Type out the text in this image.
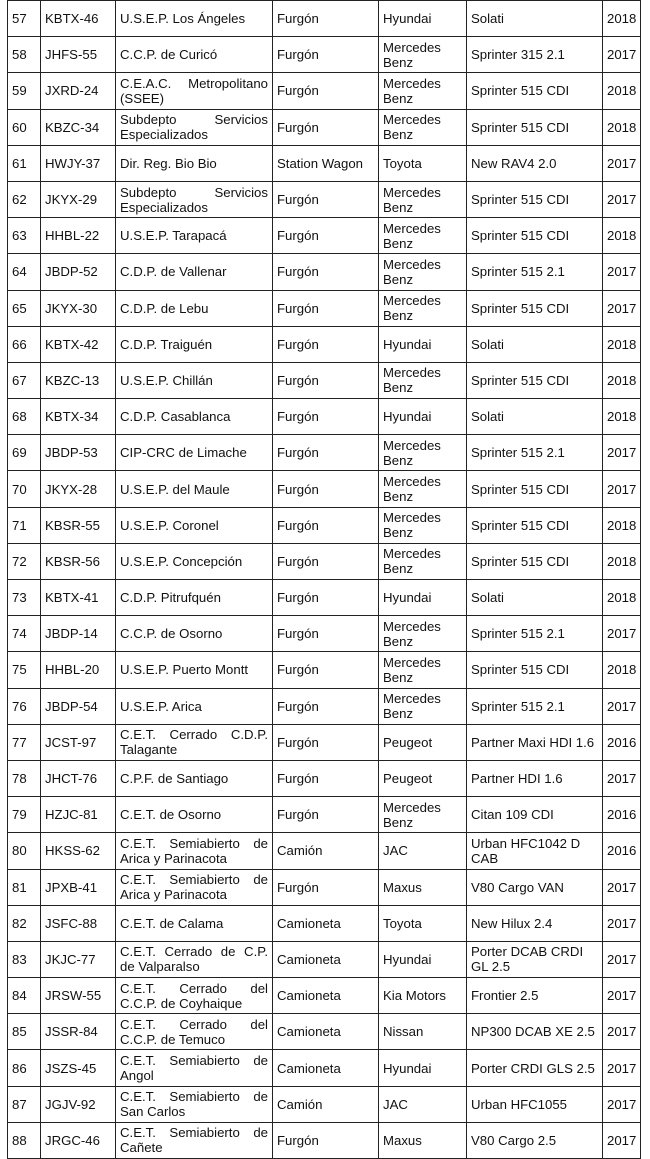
57	KBTX-46	U.S.E.P. Los Ángeles	Furgón	Hyundai	Solati	2018
58	JHFS-55	C.C.P. de Curicó	Furgón	Mercedes Benz	Sprinter 315 2.1	2017
59	JXRD-24	C.E.A.C. Metropolitano (SSEE)	Furgón	Mercedes Benz	Sprinter 515 CDI	2018
60	KBZC-34	Subdepto Servicios Especializados	Furgón	Mercedes Benz	Sprinter 515 CDI	2018
61	HWJY-37	Dir. Reg. Bio Bio	Station Wagon	Toyota	New RAV4 2.0	2017
62	JKYX-29	Subdepto Servicios Especializados	Furgón	Mercedes Benz	Sprinter 515 CDI	2017
63	HHBL-22	U.S.E.P. Tarapacá	Furgón	Mercedes Benz	Sprinter 515 CDI	2018
64	JBDP-52	C.D.P. de Vallenar	Furgón	Mercedes Benz	Sprinter 515 2.1	2017
65	JKYX-30	C.D.P. de Lebu	Furgón	Mercedes Benz	Sprinter 515 CDI	2017
66	KBTX-42	C.D.P. Traiguén	Furgón	Hyundai	Solati	2018
67	KBZC-13	U.S.E.P. Chillán	Furgón	Mercedes Benz	Sprinter 515 CDI	2018
68	KBTX-34	C.D.P. Casablanca	Furgón	Hyundai	Solati	2018
69	JBDP-53	CIP-CRC de Limache	Furgón	Mercedes Benz	Sprinter 515 2.1	2017
70	JKYX-28	U.S.E.P. del Maule	Furgón	Mercedes Benz	Sprinter 515 CDI	2017
71	KBSR-55	U.S.E.P. Coronel	Furgón	Mercedes Benz	Sprinter 515 CDI	2018
72	KBSR-56	U.S.E.P. Concepción	Furgón	Mercedes Benz	Sprinter 515 CDI	2018
73	KBTX-41	C.D.P. Pitrufquén	Furgón	Hyundai	Solati	2018
74	JBDP-14	C.C.P. de Osorno	Furgón	Mercedes Benz	Sprinter 515 2.1	2017
75	HHBL-20	U.S.E.P. Puerto Montt	Furgón	Mercedes Benz	Sprinter 515 CDI	2018
76	JBDP-54	U.S.E.P. Arica	Furgón	Mercedes Benz	Sprinter 515 2.1	2017
77	JCST-97	C.E.T. Cerrado C.D.P. Talagante	Furgón	Peugeot	Partner Maxi HDI 1.6	2016
78	JHCT-76	C.P.F. de Santiago	Furgón	Peugeot	Partner HDI 1.6	2017
79	HZJC-81	C.E.T. de Osorno	Furgón	Mercedes Benz	Citan 109 CDI	2016
80	HKSS-62	C.E.T. Semiabierto de Arica y Parinacota	Camión	JAC	Urban HFC1042 D CAB	2016
81	JPXB-41	C.E.T. Semiabierto de Arica y Parinacota	Furgón	Maxus	V80 Cargo VAN	2017
82	JSFC-88	C.E.T. de Calama	Camioneta	Toyota	New Hilux 2.4	2017
83	JKJC-77	C.E.T. Cerrado de C.P. de Valparalso	Camioneta	Hyundai	Porter DCAB CRDI GL 2.5	2017
84	JRSW-55	C.E.T. Cerrado del C.C.P. de Coyhaique	Camioneta	Kia Motors	Frontier 2.5	2017
85	JSSR-84	C.E.T. Cerrado del C.C.P. de Temuco	Camioneta	Nissan	NP300 DCAB XE 2.5	2017
86	JSZS-45	C.E.T. Semiabierto de Angol	Camioneta	Hyundai	Porter CRDI GLS 2.5	2017
87	JGJV-92	C.E.T. Semiabierto de San Carlos	Camión	JAC	Urban HFC1055	2017
88	JRGC-46	C.E.T. Semiabierto de Cañete	Furgón	Maxus	V80 Cargo 2.5	2017
